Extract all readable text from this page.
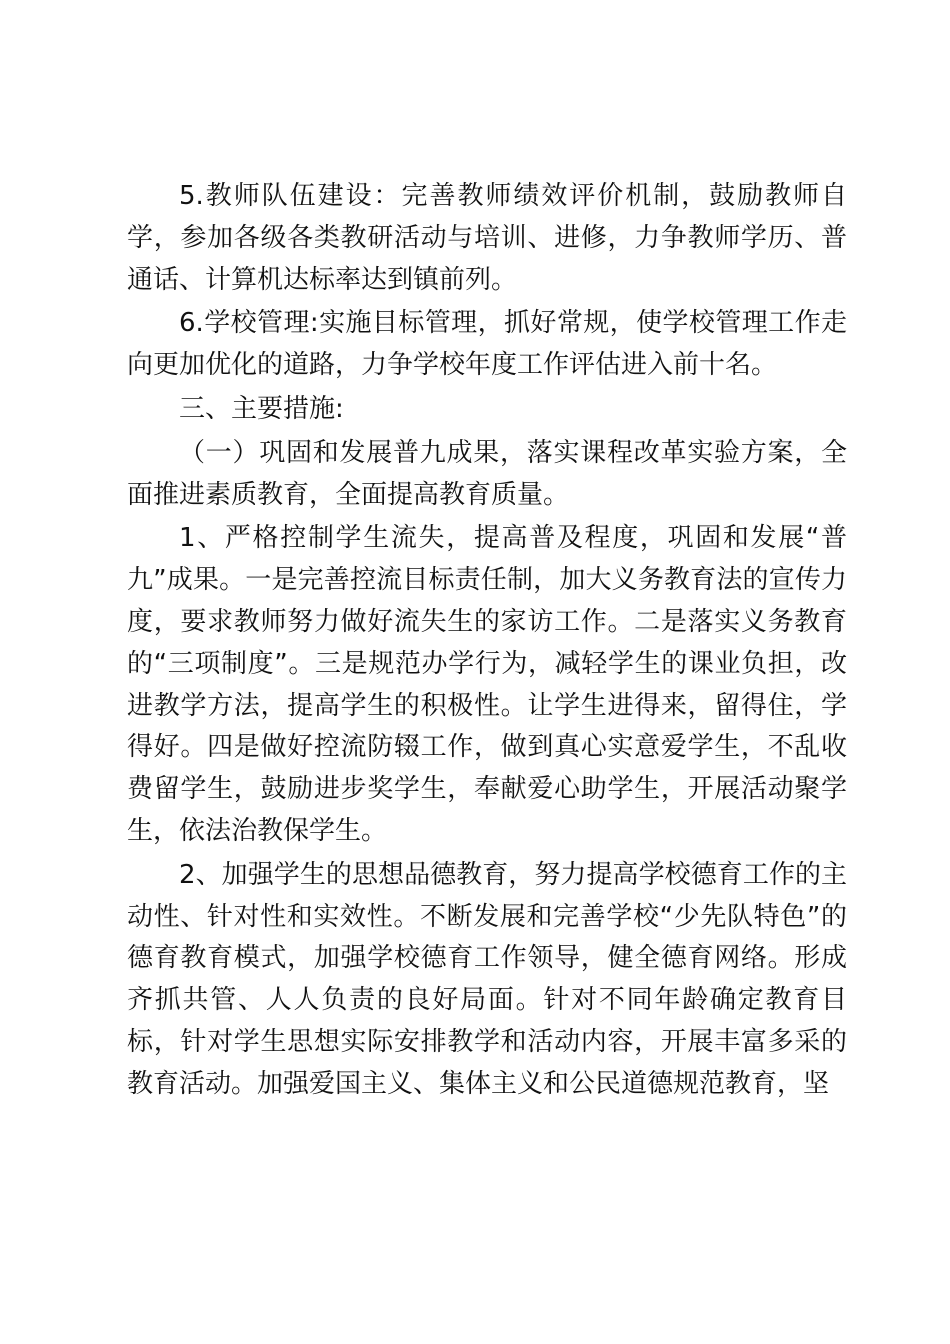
5.教师队伍建设：完善教师绩效评价机制，鼓励教师自学，参加各级各类教研活动与培训、进修，力争教师学历、普通话、计算机达标率达到镇前列。

6.学校管理:实施目标管理，抓好常规，使学校管理工作走向更加优化的道路，力争学校年度工作评估进入前十名。

三、主要措施:

（一）巩固和发展普九成果，落实课程改革实验方案，全面推进素质教育，全面提高教育质量。

1、严格控制学生流失，提高普及程度，巩固和发展“普九”成果。一是完善控流目标责任制，加大义务教育法的宣传力度，要求教师努力做好流失生的家访工作。二是落实义务教育的“三项制度”。三是规范办学行为，减轻学生的课业负担，改进教学方法，提高学生的积极性。让学生进得来，留得住，学得好。四是做好控流防辍工作，做到真心实意爱学生，不乱收费留学生，鼓励进步奖学生，奉献爱心助学生，开展活动聚学生，依法治教保学生。

2、加强学生的思想品德教育，努力提高学校德育工作的主动性、针对性和实效性。不断发展和完善学校“少先队特色”的德育教育模式，加强学校德育工作领导，健全德育网络。形成齐抓共管、人人负责的良好局面。针对不同年龄确定教育目标，针对学生思想实际安排教学和活动内容，开展丰富多采的教育活动。加强爱国主义、集体主义和公民道德规范教育，坚
